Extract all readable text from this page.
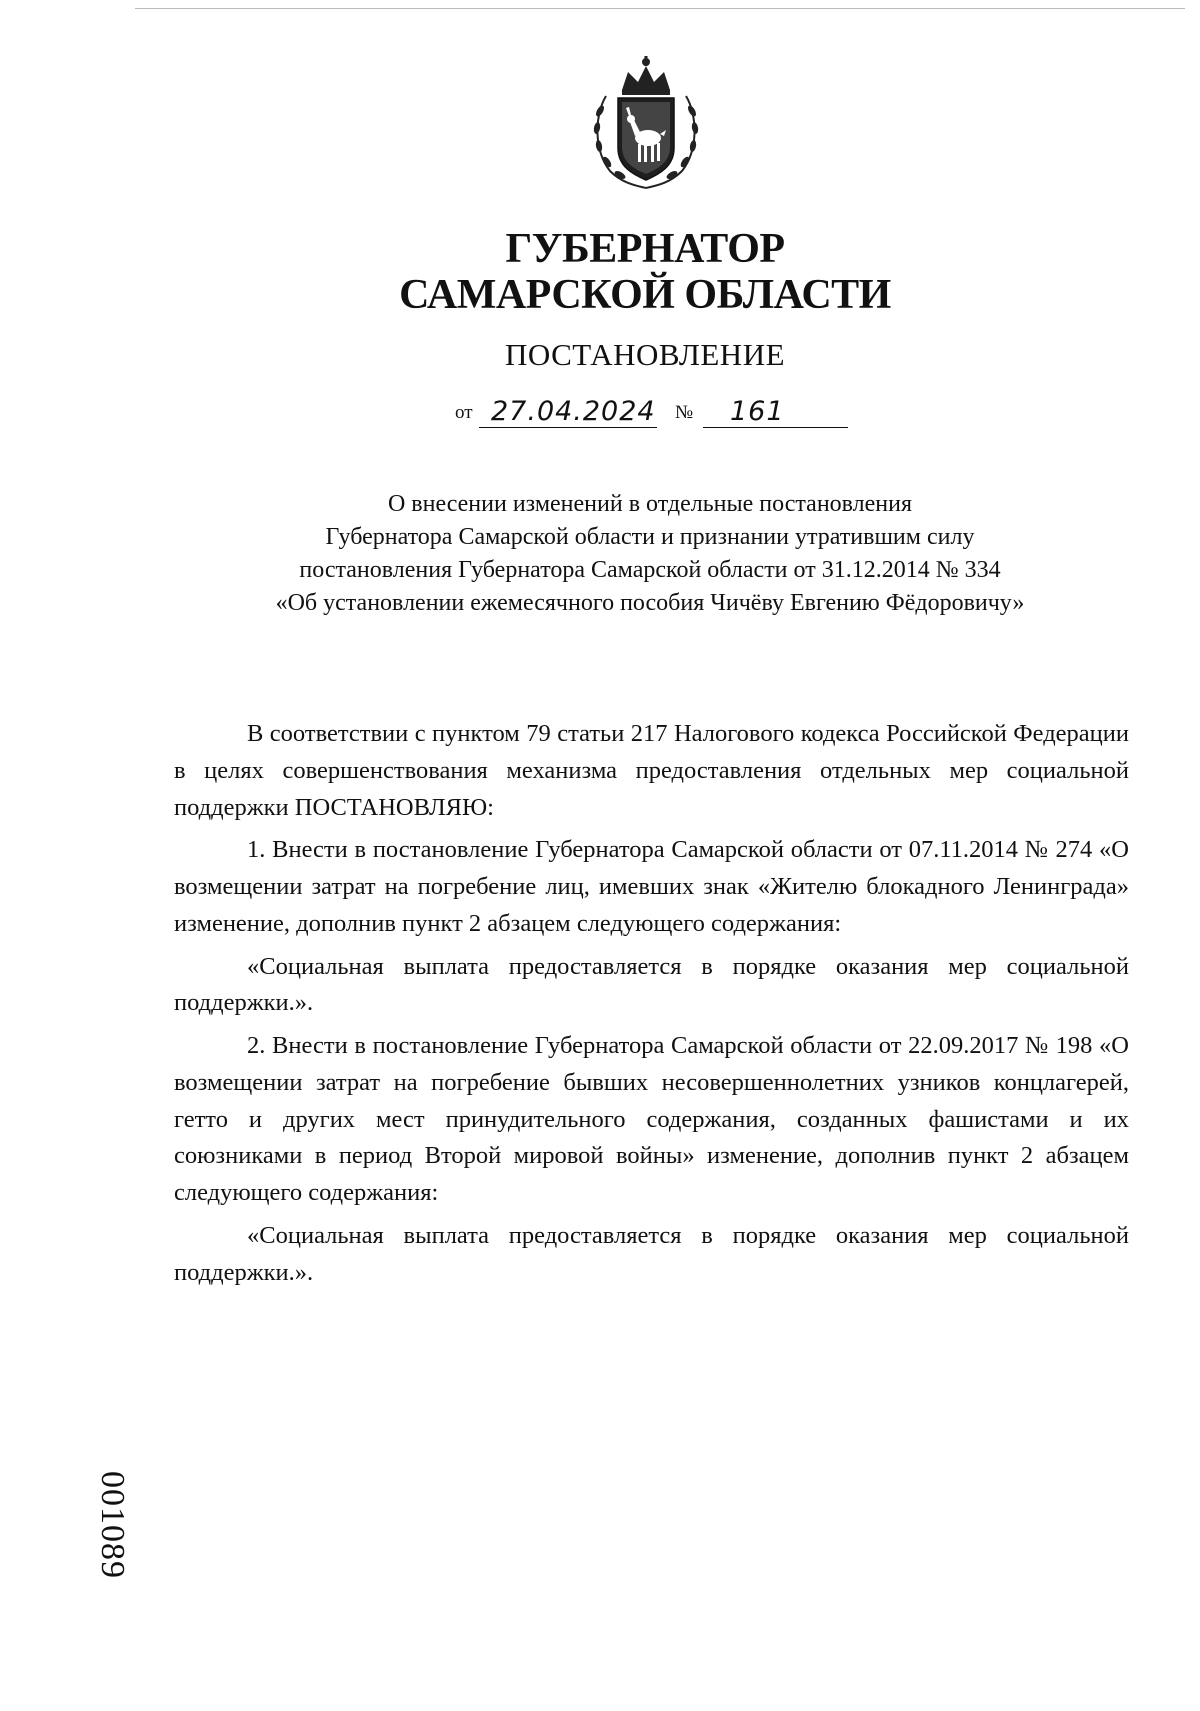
ГУБЕРНАТОР
САМАРСКОЙ ОБЛАСТИ
ПОСТАНОВЛЕНИЕ
от 27.04.2024 № 161
О внесении изменений в отдельные постановления
Губернатора Самарской области и признании утратившим силу
постановления Губернатора Самарской области от 31.12.2014 № 334
«Об установлении ежемесячного пособия Чичёву Евгению Фёдоровичу»

В соответствии с пунктом 79 статьи 217 Налогового кодекса Российской Федерации в целях совершенствования механизма предоставления отдельных мер социальной поддержки ПОСТАНОВЛЯЮ:

1. Внести в постановление Губернатора Самарской области от 07.11.2014 № 274 «О возмещении затрат на погребение лиц, имевших знак «Жителю блокадного Ленинграда» изменение, дополнив пункт 2 абзацем следующего содержания:

«Социальная выплата предоставляется в порядке оказания мер социальной поддержки.».

2. Внести в постановление Губернатора Самарской области от 22.09.2017 № 198 «О возмещении затрат на погребение бывших несовершеннолетних узников концлагерей, гетто и других мест принудительного содержания, созданных фашистами и их союзниками в период Второй мировой войны» изменение, дополнив пункт 2 абзацем следующего содержания:

«Социальная выплата предоставляется в порядке оказания мер социальной поддержки.».

001089
